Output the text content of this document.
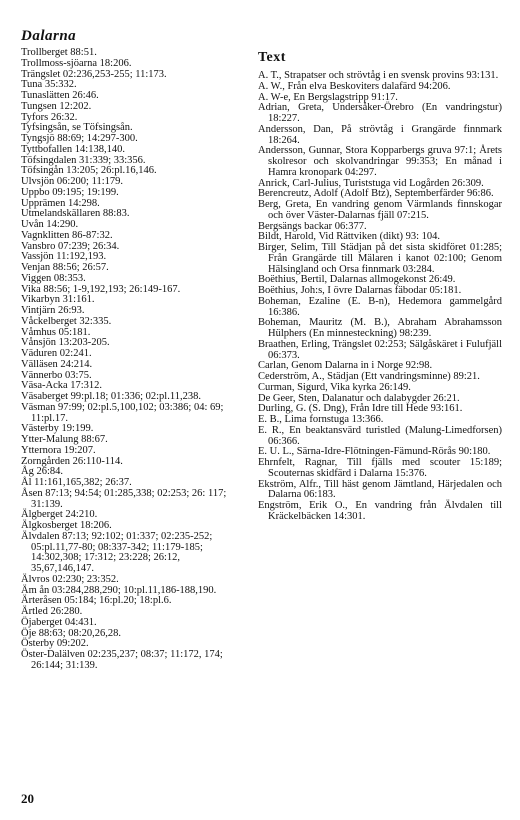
Dalarna

Trollberget 88:51.

Trollmoss-sjöarna 18:206.

Trängslet 02:236,253-255; 11:173.

Tuna 35:332.

Tunaslätten 26:46.

Tungsen 12:202.

Tyfors 26:32.

Tyfsingsån, se Töfsingsån.

Tyngsjö 88:69; 14:297-300.

Tyttbofallen 14:138,140.

Töfsingdalen 31:339; 33:356.

Töfsingån 13:205; 26:pl.16,146.

Ulvsjön 06:200; 11:179.

Uppbo 09:195; 19:199.

Upprämen 14:298.

Utmelandskällaren 88:83.

Uvån 14:290.

Vagnklitten 86-87:32.

Vansbro 07:239; 26:34.

Vassjön 11:192,193.

Venjan 88:56; 26:57.

Viggen 08:353.

Vika 88:56; 1-9,192,193; 26:149-167.

Vikarbyn 31:161.

Vintjärn 26:93.

Våckelberget 32:335.

Våmhus 05:181.

Vånsjön 13:203-205.

Väduren 02:241.

Välläsen 24:214.

Vännerbo 03:75.

Väsa-Acka 17:312.

Väsaberget 99:pl.18; 01:336; 02:pl.11,238.

Väsman 97:99; 02:pl.5,100,102; 03:386; 04: 69; 11:pl.17.

Västerby 19:199.

Ytter-Malung 88:67.

Ytternora 19:207.

Zorngården 26:110-114.

Åg 26:84.

Ål 11:161,165,382; 26:37.

Åsen 87:13; 94:54; 01:285,338; 02:253; 26: 117; 31:139.

Älgberget 24:210.

Älgkosberget 18:206.

Älvdalen 87:13; 92:102; 01:337; 02:235-252; 05:pl.11,77-80; 08:337-342; 11:179-185; 14:302,308; 17:312; 23:228; 26:12, 35,67,146,147.

Älvros 02:230; 23:352.

Äm ån 03:284,288,290; 10:pl.11,186-188,190.

Ärteråsen 05:184; 16:pl.20; 18:pl.6.

Ärtled 26:280.

Öjaberget 04:431.

Öje 88:63; 08:20,26,28.

Österby 09:202.

Öster-Dalälven 02:235,237; 08:37; 11:172, 174; 26:144; 31:139.

Text

A. T., Strapatser och strövtåg i en svensk provins 93:131.

A. W., Från elva Beskoviters dalafärd 94:206.

A. W-e, En Bergslagstripp 91:17.

Adrian, Greta, Undersåker-Örebro (En vandringstur) 18:227.

Andersson, Dan, På strövtåg i Grangärde finnmark 18:264.

Andersson, Gunnar, Stora Kopparbergs gruva 97:1; Årets skolresor och skolvandringar 99:353; En månad i Hamra kronopark 04:297.

Anrick, Carl-Julius, Turiststuga vid Logården 26:309.

Berencreutz, Adolf (Adolf Btz), Septemberfärder 96:86.

Berg, Greta, En vandring genom Värmlands finnskogar och över Väster-Dalarnas fjäll 07:215.

Bergsängs backar 06:377.

Bildt, Harold, Vid Rättviken (dikt) 93: 104.

Birger, Selim, Till Städjan på det sista skidföret 01:285; Från Grangärde till Mälaren i kanot 02:100; Genom Hälsingland och Orsa finnmark 03:284.

Boëthius, Bertil, Dalarnas allmogekonst 26:49.

Boëthius, Joh:s, I övre Dalarnas fäbodar 05:181.

Boheman, Ezaline (E. B-n), Hedemora gammelgård 16:386.

Boheman, Mauritz (M. B.), Abraham Abrahamsson Hülphers (En minnesteckning) 98:239.

Braathen, Erling, Trängslet 02:253; Sälgåskäret i Fulufjäll 06:373.

Carlan, Genom Dalarna in i Norge 92:98.

Cederström, A., Städjan (Ett vandringsminne) 89:21.

Curman, Sigurd, Vika kyrka 26:149.

De Geer, Sten, Dalanatur och dalabygder 26:21.

Durling, G. (S. Dng), Från Idre till Hede 93:161.

E. B., Lima fornstuga 13:366.

E. R., En beaktansvärd turistled (Malung-Limedforsen) 06:366.

E. U. L., Särna-Idre-Flötningen-Fämund-Rörås 90:180.

Ehrnfelt, Ragnar, Till fjälls med scouter 15:189; Scouternas skidfärd i Dalarna 15:376.

Ekström, Alfr., Till häst genom Jämtland, Härjedalen och Dalarna 06:183.

Engström, Erik O., En vandring från Älvdalen till Kräckelbäcken 14:301.

20
